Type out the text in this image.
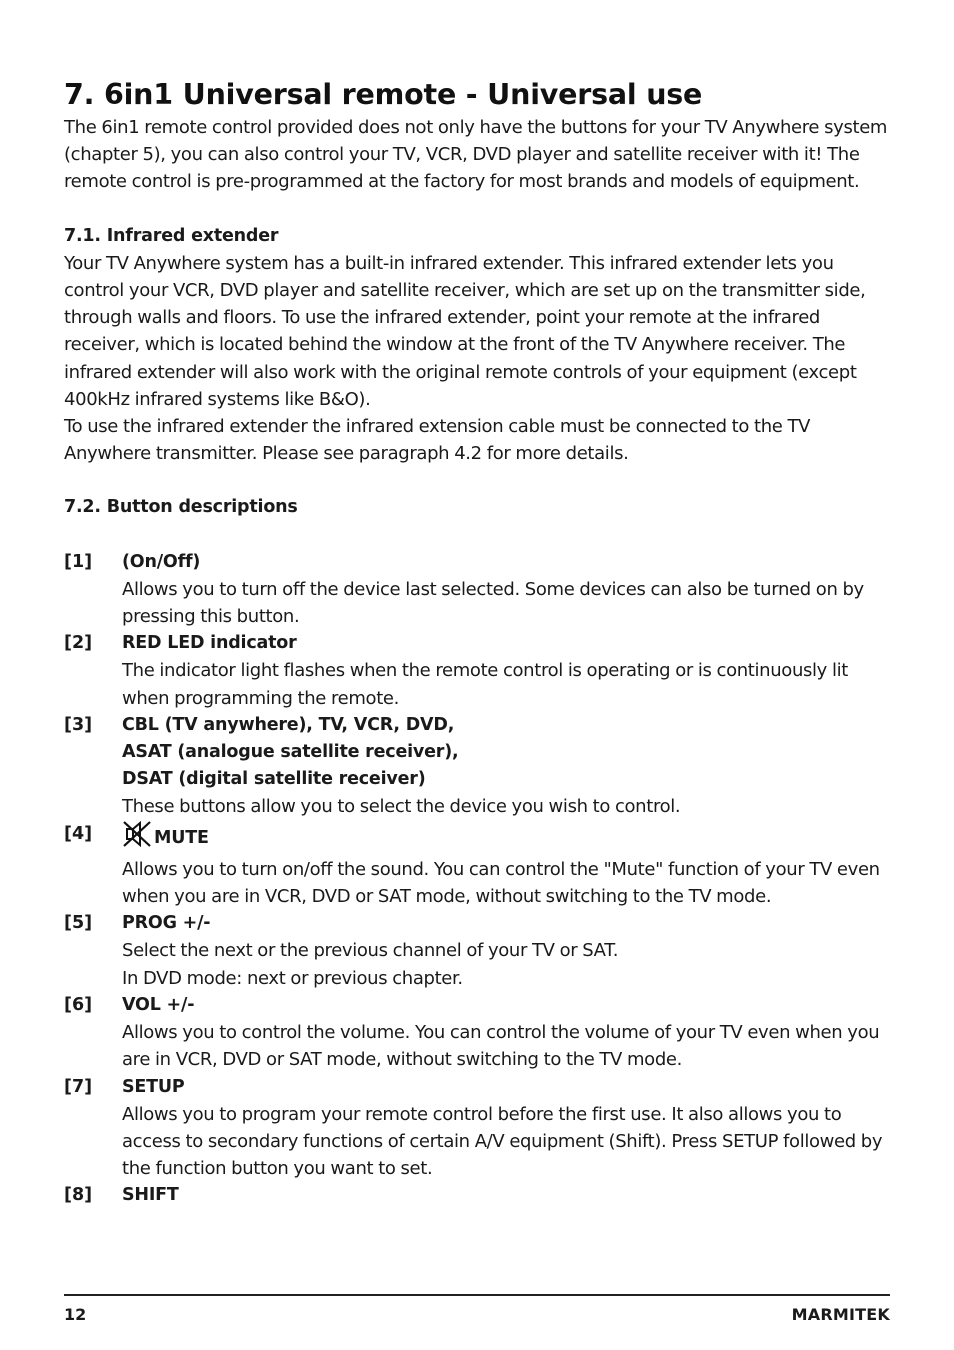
7. 6in1 Universal remote - Universal use

The 6in1 remote control provided does not only have the buttons for your TV Anywhere system (chapter 5), you can also control your TV, VCR, DVD player and satellite receiver with it! The remote control is pre-programmed at the factory for most brands and models of equipment.

7.1. Infrared extender

Your TV Anywhere system has a built-in infrared extender. This infrared extender lets you control your VCR, DVD player and satellite receiver, which are set up on the transmitter side, through walls and floors. To use the infrared extender, point your remote at the infrared receiver, which is located behind the window at the front of the TV Anywhere receiver. The infrared extender will also work with the original remote controls of your equipment (except 400kHz infrared systems like B&O).

To use the infrared extender the infrared extension cable must be connected to the TV Anywhere transmitter. Please see paragraph 4.2 for more details.

7.2. Button descriptions
[1]	(On/Off)
Allows you to turn off the device last selected. Some devices can also be turned on by pressing this button.
[2]	RED LED indicator
The indicator light flashes when the remote control is operating or is continuously lit when programming the remote.
[3]	CBL (TV anywhere), TV, VCR, DVD, ASAT (analogue satellite receiver), DSAT (digital satellite receiver)
These buttons allow you to select the device you wish to control.
[4]	MUTE
Allows you to turn on/off the sound. You can control the "Mute" function of your TV even when you are in VCR, DVD or SAT mode, without switching to the TV mode.
[5]	PROG +/-
Select the next or the previous channel of your TV or SAT.
In DVD mode: next or previous chapter.
[6]	VOL +/-
Allows you to control the volume. You can control the volume of your TV even when you are in VCR, DVD or SAT mode, without switching to the TV mode.
[7]	SETUP
Allows you to program your remote control before the first use. It also allows you to access to secondary functions of certain A/V equipment (Shift). Press SETUP followed by the function button you want to set.
[8]	SHIFT
12	MARMITEK
